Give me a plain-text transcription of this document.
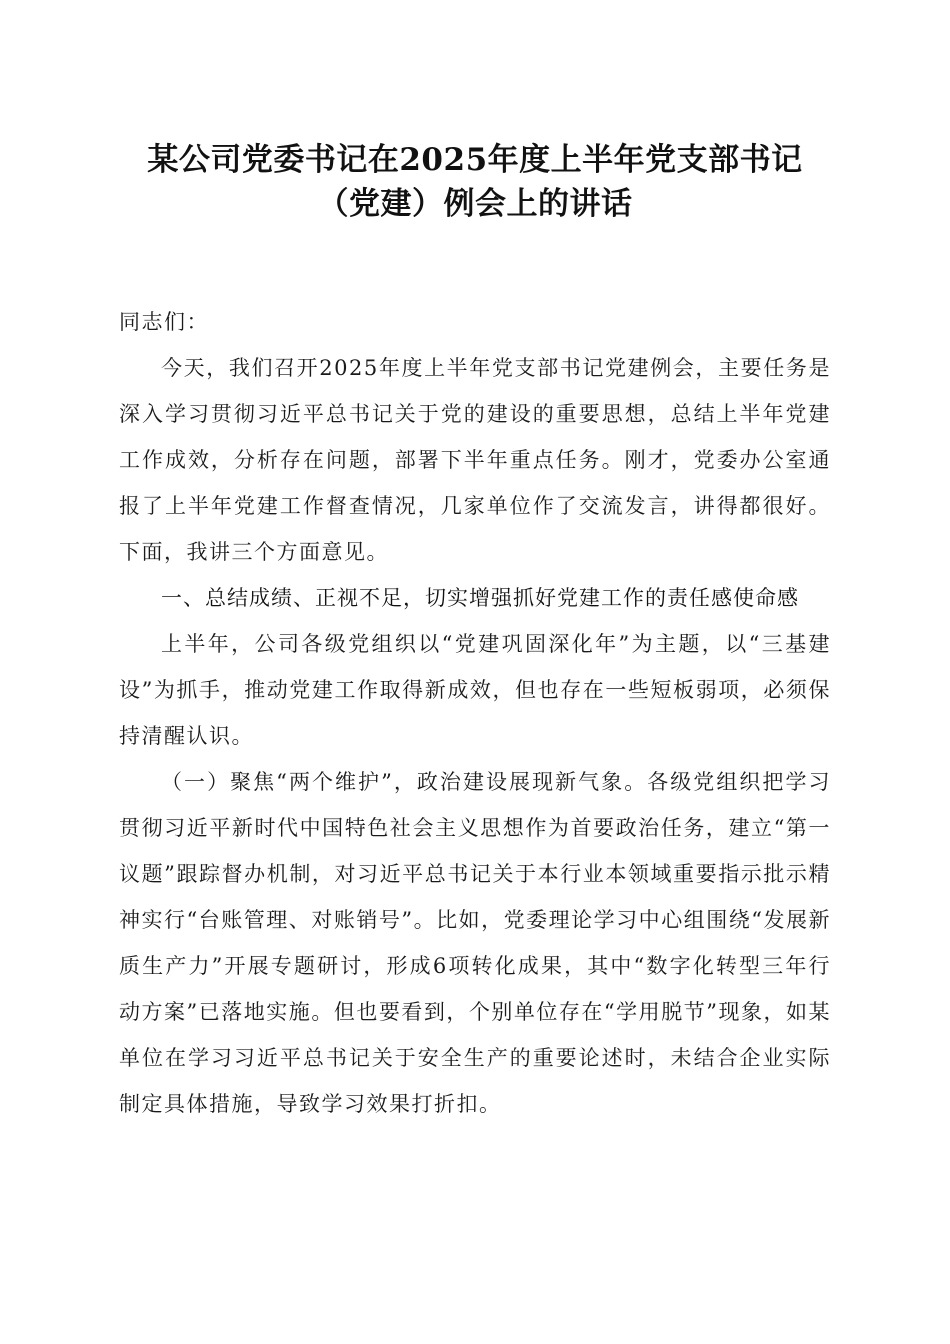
某公司党委书记在2025年度上半年党支部书记（党建）例会上的讲话

同志们：

今天，我们召开2025年度上半年党支部书记党建例会，主要任务是深入学习贯彻习近平总书记关于党的建设的重要思想，总结上半年党建工作成效，分析存在问题，部署下半年重点任务。刚才，党委办公室通报了上半年党建工作督查情况，几家单位作了交流发言，讲得都很好。下面，我讲三个方面意见。

一、总结成绩、正视不足，切实增强抓好党建工作的责任感使命感

上半年，公司各级党组织以“党建巩固深化年”为主题，以“三基建设”为抓手，推动党建工作取得新成效，但也存在一些短板弱项，必须保持清醒认识。

（一）聚焦“两个维护”，政治建设展现新气象。各级党组织把学习贯彻习近平新时代中国特色社会主义思想作为首要政治任务，建立“第一议题”跟踪督办机制，对习近平总书记关于本行业本领域重要指示批示精神实行“台账管理、对账销号”。比如，党委理论学习中心组围绕“发展新质生产力”开展专题研讨，形成6项转化成果，其中“数字化转型三年行动方案”已落地实施。但也要看到，个别单位存在“学用脱节”现象，如某单位在学习习近平总书记关于安全生产的重要论述时，未结合企业实际制定具体措施，导致学习效果打折扣。
